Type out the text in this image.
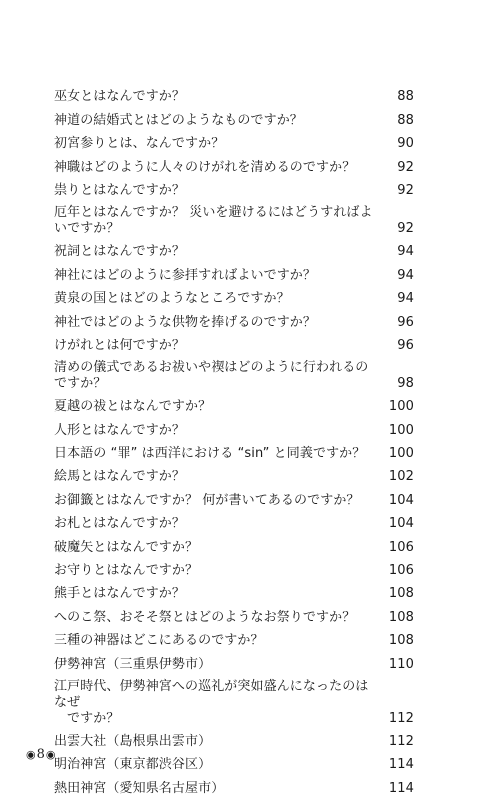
巫女とはなんですか？	88
神道の結婚式とはどのようなものですか？	88
初宮参りとは、なんですか？	90
神職はどのように人々のけがれを清めるのですか？	92
祟りとはなんですか？	92
厄年とはなんですか？ 災いを避けるにはどうすればよいですか？	92
祝詞とはなんですか？	94
神社にはどのように参拝すればよいですか？	94
黄泉の国とはどのようなところですか？	94
神社ではどのような供物を捧げるのですか？	96
けがれとは何ですか？	96
清めの儀式であるお祓いや禊はどのように行われるのですか？	98
夏越の祓とはなんですか？	100
人形とはなんですか？	100
日本語の “罪” は西洋における “sin” と同義ですか？	100
絵馬とはなんですか？	102
お御籤とはなんですか？ 何が書いてあるのですか？	104
お札とはなんですか？	104
破魔矢とはなんですか？	106
お守りとはなんですか？	106
熊手とはなんですか？	108
へのこ祭、おそそ祭とはどのようなお祭りですか？	108
三種の神器はどこにあるのですか？	108
伊勢神宮（三重県伊勢市）	110
江戸時代、伊勢神宮への巡礼が突如盛んになったのはなぜ
ですか？	112
出雲大社（島根県出雲市）	112
明治神宮（東京都渋谷区）	114
熱田神宮（愛知県名古屋市）	114
◉ 8 ◉
